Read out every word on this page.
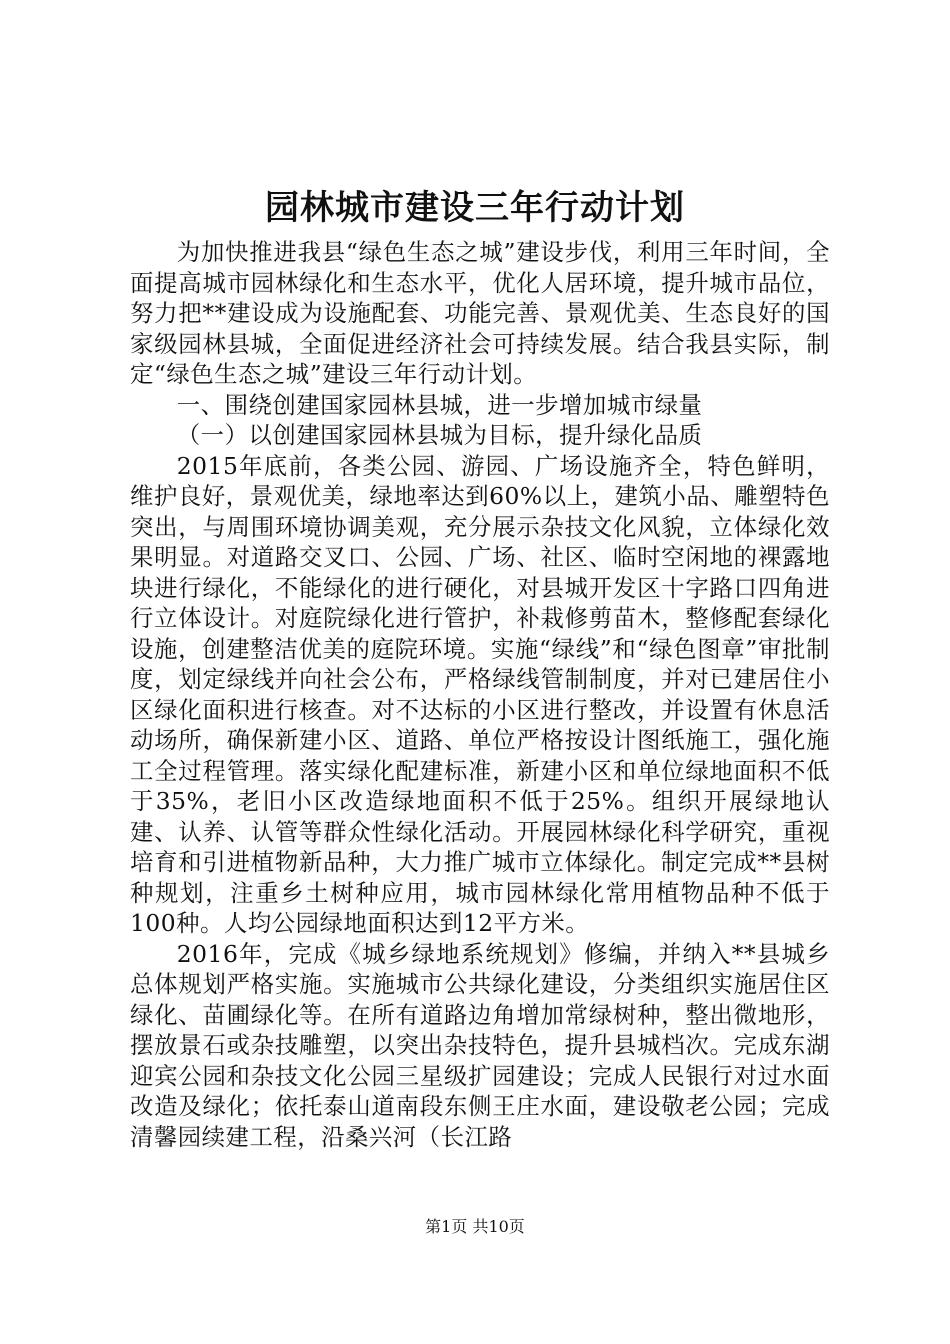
园林城市建设三年行动计划

为加快推进我县“绿色生态之城”建设步伐，利用三年时间，全面提高城市园林绿化和生态水平，优化人居环境，提升城市品位，努力把**建设成为设施配套、功能完善、景观优美、生态良好的国家级园林县城，全面促进经济社会可持续发展。结合我县实际，制定“绿色生态之城”建设三年行动计划。

一、围绕创建国家园林县城，进一步增加城市绿量

（一）以创建国家园林县城为目标，提升绿化品质

2015年底前，各类公园、游园、广场设施齐全，特色鲜明，维护良好，景观优美，绿地率达到60%以上，建筑小品、雕塑特色突出，与周围环境协调美观，充分展示杂技文化风貌，立体绿化效果明显。对道路交叉口、公园、广场、社区、临时空闲地的裸露地块进行绿化，不能绿化的进行硬化，对县城开发区十字路口四角进行立体设计。对庭院绿化进行管护，补栽修剪苗木，整修配套绿化设施，创建整洁优美的庭院环境。实施“绿线”和“绿色图章”审批制度，划定绿线并向社会公布，严格绿线管制制度，并对已建居住小区绿化面积进行核查。对不达标的小区进行整改，并设置有休息活动场所，确保新建小区、道路、单位严格按设计图纸施工，强化施工全过程管理。落实绿化配建标准，新建小区和单位绿地面积不低于35%，老旧小区改造绿地面积不低于25%。组织开展绿地认建、认养、认管等群众性绿化活动。开展园林绿化科学研究，重视培育和引进植物新品种，大力推广城市立体绿化。制定完成**县树种规划，注重乡土树种应用，城市园林绿化常用植物品种不低于100种。人均公园绿地面积达到12平方米。

2016年，完成《城乡绿地系统规划》修编，并纳入**县城乡总体规划严格实施。实施城市公共绿化建设，分类组织实施居住区绿化、苗圃绿化等。在所有道路边角增加常绿树种，整出微地形，摆放景石或杂技雕塑，以突出杂技特色，提升县城档次。完成东湖迎宾公园和杂技文化公园三星级扩园建设；完成人民银行对过水面改造及绿化；依托泰山道南段东侧王庄水面，建设敬老公园；完成清馨园续建工程，沿桑兴河（长江路

第1页 共10页
